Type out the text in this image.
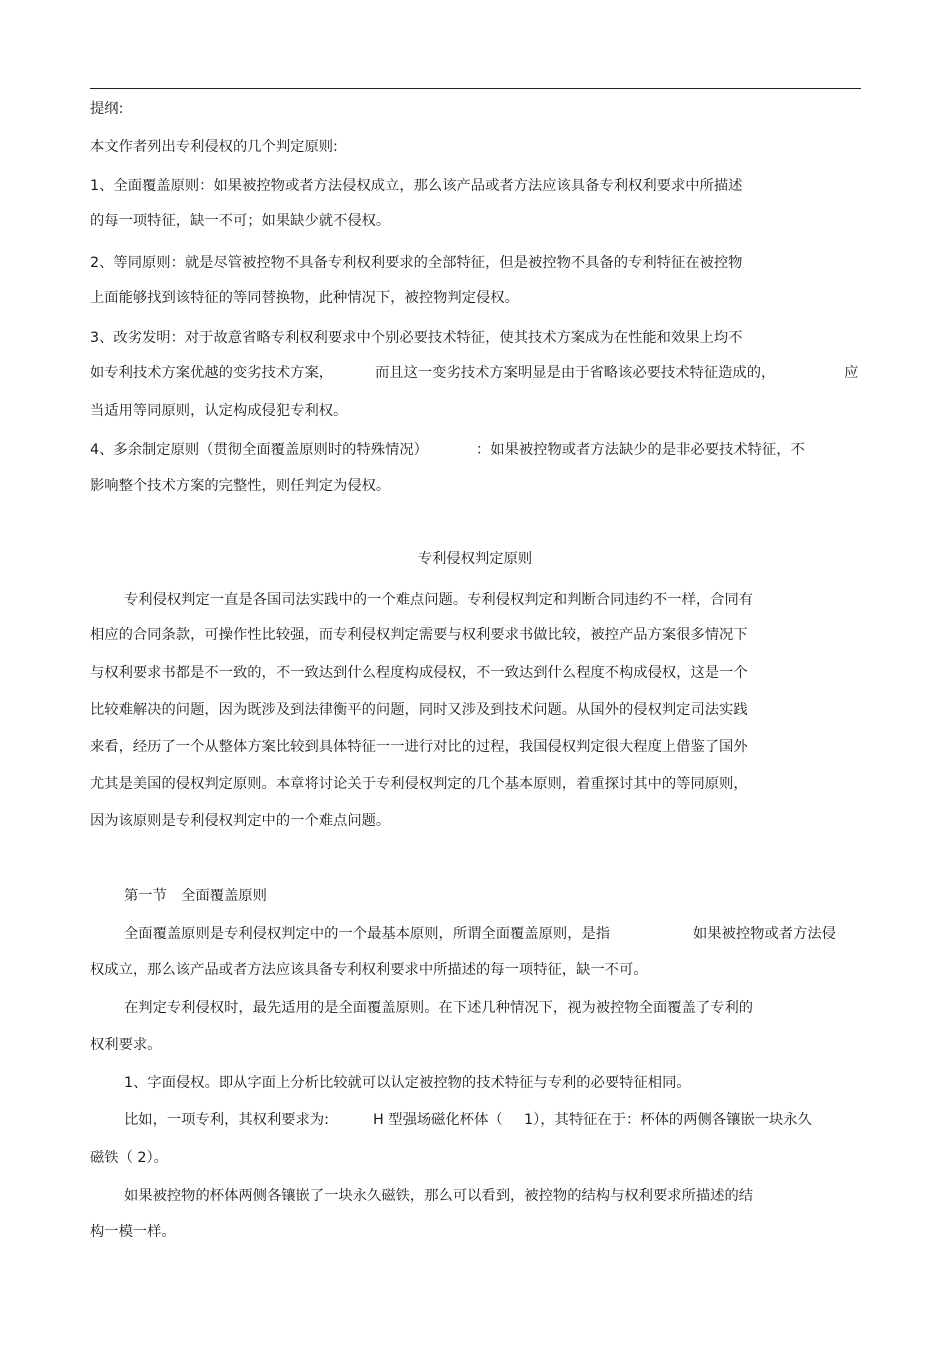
提纲:
本文作者列出专利侵权的几个判定原则:
1、全面覆盖原则：如果被控物或者方法侵权成立，那么该产品或者方法应该具备专利权利要求中所描述
的每一项特征，缺一不可；如果缺少就不侵权。
2、等同原则：就是尽管被控物不具备专利权利要求的全部特征，但是被控物不具备的专利特征在被控物
上面能够找到该特征的等同替换物，此种情况下，被控物判定侵权。
3、改劣发明：对于故意省略专利权利要求中个别必要技术特征，使其技术方案成为在性能和效果上均不
如专利技术方案优越的变劣技术方案，	而且这一变劣技术方案明显是由于省略该必要技术特征造成的，	应
当适用等同原则，认定构成侵犯专利权。
4、多余制定原则（贯彻全面覆盖原则时的特殊情况）	：如果被控物或者方法缺少的是非必要技术特征，不
影响整个技术方案的完整性，则任判定为侵权。
专利侵权判定原则
专利侵权判定一直是各国司法实践中的一个难点问题。专利侵权判定和判断合同违约不一样，合同有
相应的合同条款，可操作性比较强，而专利侵权判定需要与权利要求书做比较，被控产品方案很多情况下
与权利要求书都是不一致的，不一致达到什么程度构成侵权，不一致达到什么程度不构成侵权，这是一个
比较难解决的问题，因为既涉及到法律衡平的问题，同时又涉及到技术问题。从国外的侵权判定司法实践
来看，经历了一个从整体方案比较到具体特征一一进行对比的过程，我国侵权判定很大程度上借鉴了国外
尤其是美国的侵权判定原则。本章将讨论关于专利侵权判定的几个基本原则，着重探讨其中的等同原则，
因为该原则是专利侵权判定中的一个难点问题。
第一节　全面覆盖原则
全面覆盖原则是专利侵权判定中的一个最基本原则，所谓全面覆盖原则，是指	如果被控物或者方法侵
权成立，那么该产品或者方法应该具备专利权利要求中所描述的每一项特征，缺一不可。
在判定专利侵权时，最先适用的是全面覆盖原则。在下述几种情况下，视为被控物全面覆盖了专利的
权利要求。
1、字面侵权。即从字面上分析比较就可以认定被控物的技术特征与专利的必要特征相同。
比如，一项专利，其权利要求为:	H 型强场磁化杯体（ 1），其特征在于：杯体的两侧各镶嵌一块永久
磁铁（ 2）。
如果被控物的杯体两侧各镶嵌了一块永久磁铁，那么可以看到，被控物的结构与权利要求所描述的结
构一模一样。
